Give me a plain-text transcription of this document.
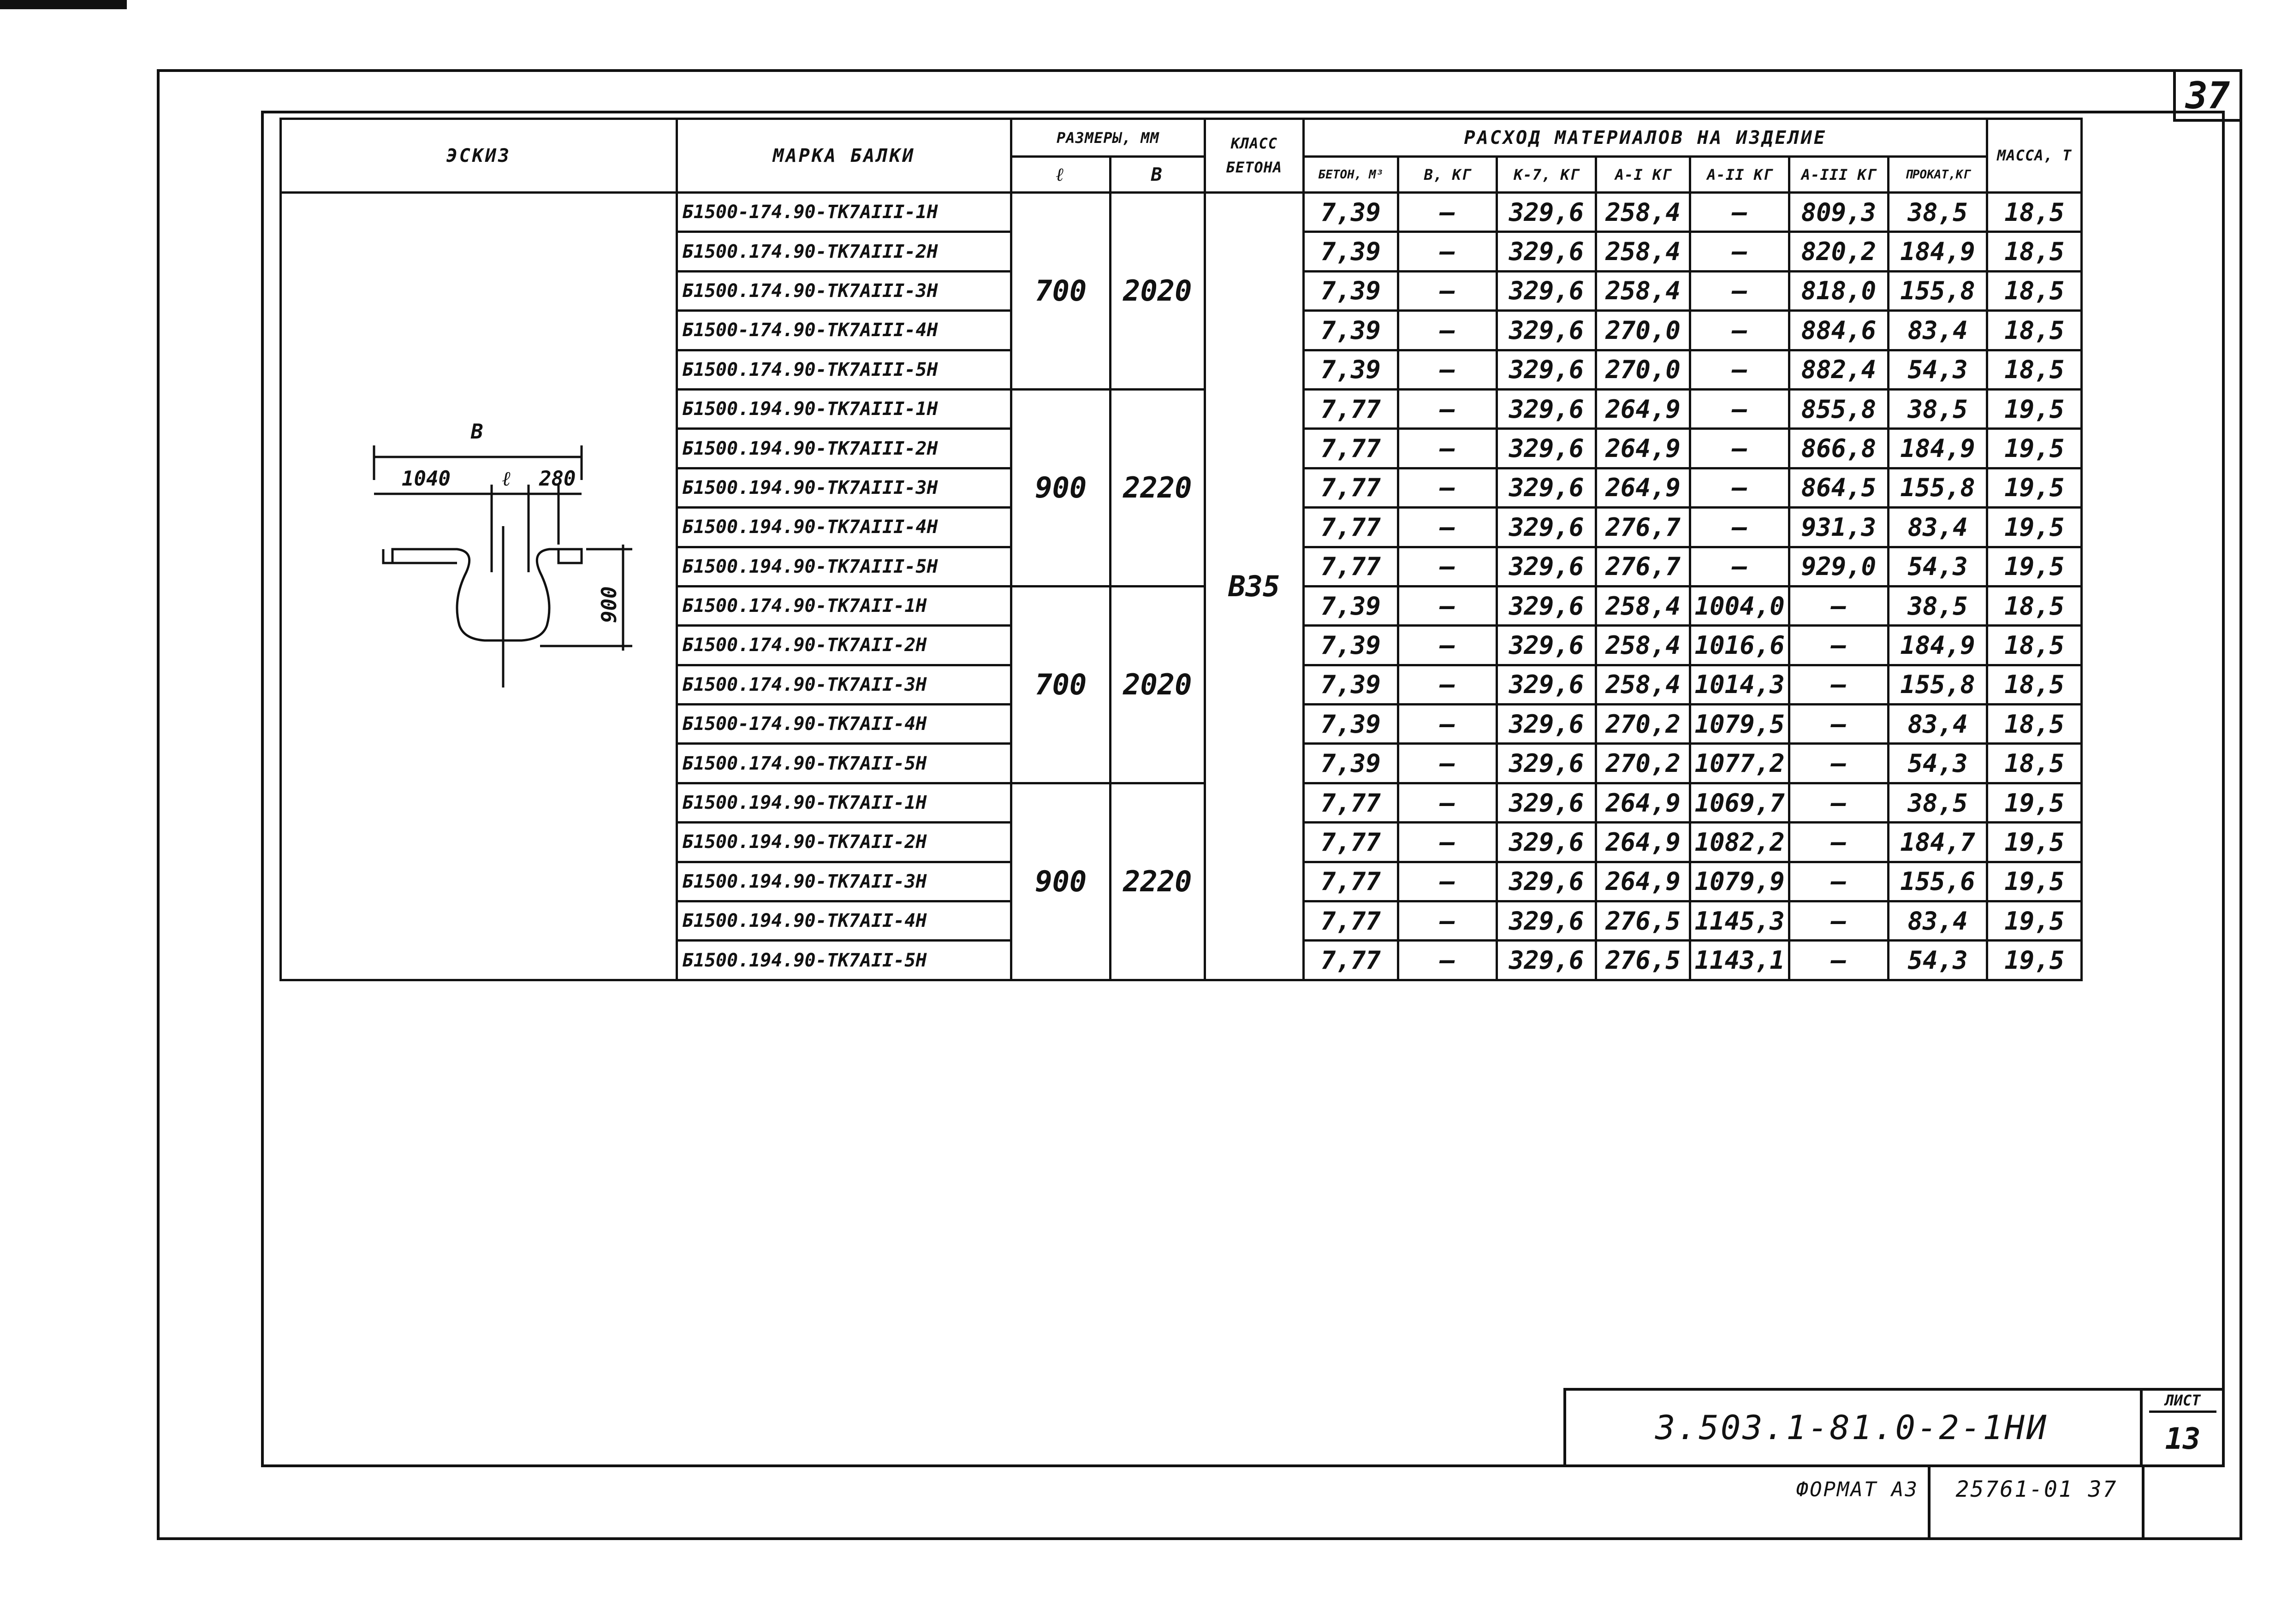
37
ЭСКИЗ	МАРКА БАЛКИ	РАЗМЕРЫ, ММ		КЛАСС БЕТОНА	РАСХОД МАТЕРИАЛОВ НА ИЗДЕЛИЕ							МАССА, Т
		ℓ	В		БЕТОН, М³	В, КГ	К-7, КГ	А-I КГ	А-II КГ	А-III КГ	ПРОКАТ,КГ	

В
1040 ℓ 280
900	Б1500-174.90-ТК7АIII-1Н	700	2020	В35	7,39	—	329,6	258,4	—	809,3	38,5	18,5
	Б1500.174.90-ТК7АIII-2Н				7,39	—	329,6	258,4	—	820,2	184,9	18,5
	Б1500.174.90-ТК7АIII-3Н				7,39	—	329,6	258,4	—	818,0	155,8	18,5
	Б1500-174.90-ТК7АIII-4Н				7,39	—	329,6	270,0	—	884,6	83,4	18,5
	Б1500.174.90-ТК7АIII-5Н				7,39	—	329,6	270,0	—	882,4	54,3	18,5
	Б1500.194.90-ТК7АIII-1Н	900	2220		7,77	—	329,6	264,9	—	855,8	38,5	19,5
	Б1500.194.90-ТК7АIII-2Н				7,77	—	329,6	264,9	—	866,8	184,9	19,5
	Б1500.194.90-ТК7АIII-3Н				7,77	—	329,6	264,9	—	864,5	155,8	19,5
	Б1500.194.90-ТК7АIII-4Н				7,77	—	329,6	276,7	—	931,3	83,4	19,5
	Б1500.194.90-ТК7АIII-5Н				7,77	—	329,6	276,7	—	929,0	54,3	19,5
	Б1500.174.90-ТК7АII-1Н	700	2020		7,39	—	329,6	258,4	1004,0	—	38,5	18,5
	Б1500.174.90-ТК7АII-2Н				7,39	—	329,6	258,4	1016,6	—	184,9	18,5
	Б1500.174.90-ТК7АII-3Н				7,39	—	329,6	258,4	1014,3	—	155,8	18,5
	Б1500-174.90-ТК7АII-4Н				7,39	—	329,6	270,2	1079,5	—	83,4	18,5
	Б1500.174.90-ТК7АII-5Н				7,39	—	329,6	270,2	1077,2	—	54,3	18,5
	Б1500.194.90-ТК7АII-1Н	900	2220		7,77	—	329,6	264,9	1069,7	—	38,5	19,5
	Б1500.194.90-ТК7АII-2Н				7,77	—	329,6	264,9	1082,2	—	184,7	19,5
	Б1500.194.90-ТК7АII-3Н				7,77	—	329,6	264,9	1079,9	—	155,6	19,5
	Б1500.194.90-ТК7АII-4Н				7,77	—	329,6	276,5	1145,3	—	83,4	19,5
	Б1500.194.90-ТК7АII-5Н				7,77	—	329,6	276,5	1143,1	—	54,3	19,5
3.503.1-81.0-2-1НИ
ЛИСТ
13
ФОРМАТ А3	25761-01 37
